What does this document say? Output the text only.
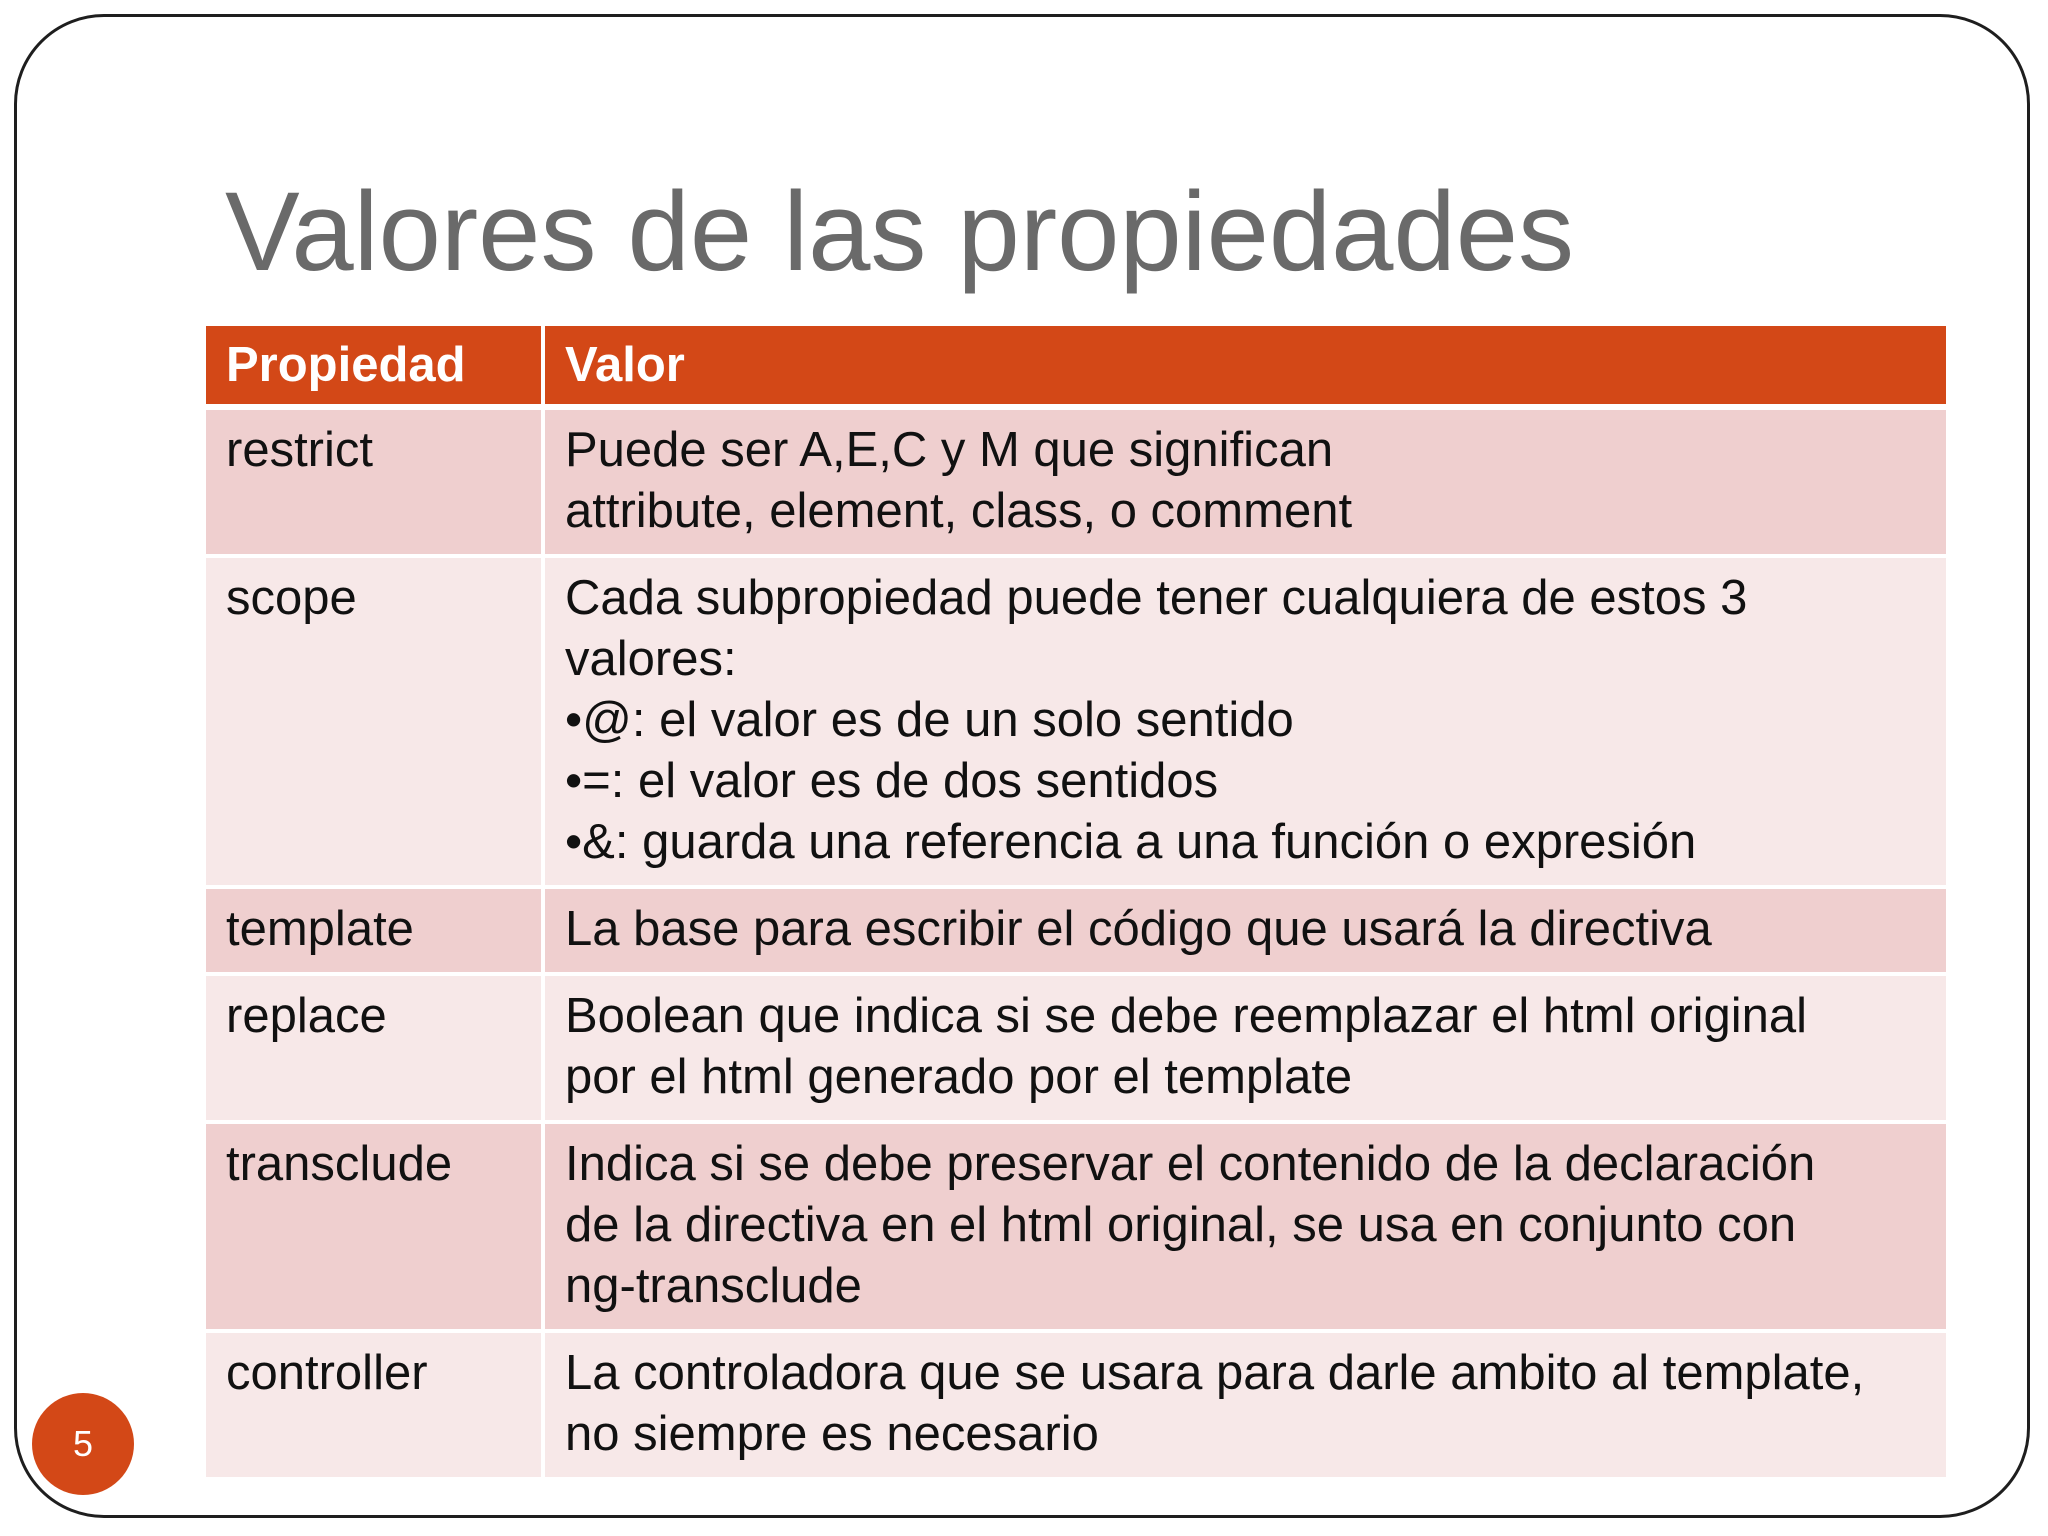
Valores de las propiedades
Propiedad	Valor
restrict	Puede ser A,E,C y M que significan
attribute, element, class, o comment

scope	Cada subpropiedad puede tener cualquiera de estos 3
valores:
•@: el valor es de un solo sentido
•=: el valor es de dos sentidos
•&: guarda una referencia a una función o expresión

template	La base para escribir el código que usará la directiva

replace	Boolean que indica si se debe reemplazar el html original
por el html generado por el template

transclude	Indica si se debe preservar el contenido de la declaración
de la directiva en el html original, se usa en conjunto con
ng-transclude

controller	La controladora que se usara para darle ambito al template,
no siempre es necesario
5
